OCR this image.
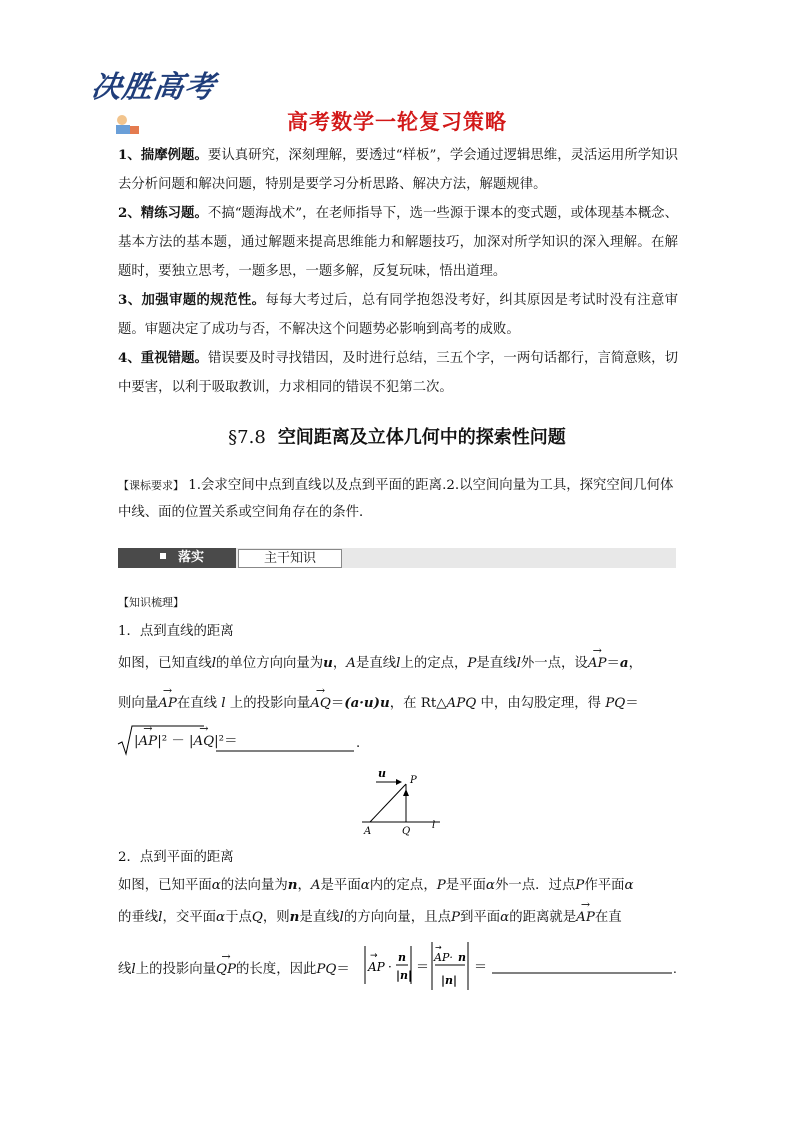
决胜高考
高考数学一轮复习策略
1、揣摩例题。要认真研究，深刻理解，要透过“样板”，学会通过逻辑思维，灵活运用所学知识去分析问题和解决问题，特别是要学习分析思路、解决方法，解题规律。
2、精练习题。不搞“题海战术”，在老师指导下，选一些源于课本的变式题，或体现基本概念、基本方法的基本题，通过解题来提高思维能力和解题技巧，加深对所学知识的深入理解。在解题时，要独立思考，一题多思，一题多解，反复玩味，悟出道理。
3、加强审题的规范性。每每大考过后，总有同学抱怨没考好，纠其原因是考试时没有注意审题。审题决定了成功与否，不解决这个问题势必影响到高考的成败。
4、重视错题。错误要及时寻找错因，及时进行总结，三五个字，一两句话都行，言简意赅，切中要害，以利于吸取教训，力求相同的错误不犯第二次。
§7.8 空间距离及立体几何中的探索性问题
【课标要求】 1.会求空间中点到直线以及点到平面的距离.2.以空间向量为工具，探究空间几何体中线、面的位置关系或空间角存在的条件．
落实	主干知识
【知识梳理】
1．点到直线的距离
如图，已知直线l的单位方向向量为u，A是直线l上的定点，P是直线l外一点，设→ AP＝a，
则向量→ AP在直线 l 上的投影向量→ AQ＝(a·u)u，在 Rt△APQ 中，由勾股定理，得 PQ＝
|→ AP|² － |→ AQ|²＝	.
u
P
A	Q
l
2．点到平面的距离
如图，已知平面α的法向量为n，A是平面α内的定点，P是平面α外一点．过点P作平面α
的垂线l，交平面α于点Q，则n是直线l的方向向量，且点P到平面α的距离就是→ AP在直
线l上的投影向量→ QP的长度，因此PQ＝ AP
→
·
n
|n|
＝
AP·
→
n
|n|
＝	.
